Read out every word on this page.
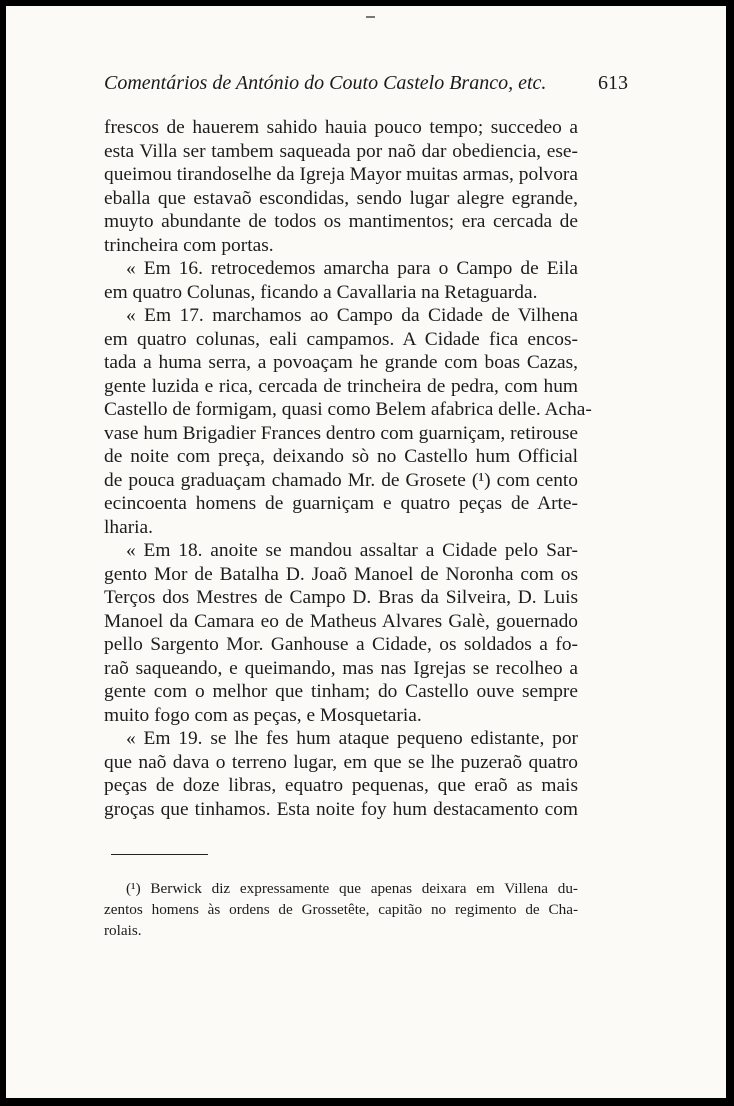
Comentários de António do Couto Castelo Branco, etc.	613
frescos de hauerem sahido hauia pouco tempo; succedeo a
esta Villa ser tambem saqueada por naõ dar obediencia, ese-
queimou tirandoselhe da Igreja Mayor muitas armas, polvora
eballa que estavaõ escondidas, sendo lugar alegre egrande,
muyto abundante de todos os mantimentos; era cercada de
trincheira com portas.
« Em 16. retrocedemos amarcha para o Campo de Eila
em quatro Colunas, ficando a Cavallaria na Retaguarda.
« Em 17. marchamos ao Campo da Cidade de Vilhena
em quatro colunas, eali campamos. A Cidade fica encos-
tada a huma serra, a povoaçam he grande com boas Cazas,
gente luzida e rica, cercada de trincheira de pedra, com hum
Castello de formigam, quasi como Belem afabrica delle. Acha-
vase hum Brigadier Frances dentro com guarniçam, retirouse
de noite com preça, deixando sò no Castello hum Official
de pouca graduaçam chamado Mr. de Grosete (¹) com cento
ecincoenta homens de guarniçam e quatro peças de Arte-
lharia.
« Em 18. anoite se mandou assaltar a Cidade pelo Sar-
gento Mor de Batalha D. Joaõ Manoel de Noronha com os
Terços dos Mestres de Campo D. Bras da Silveira, D. Luis
Manoel da Camara eo de Matheus Alvares Galè, gouernado
pello Sargento Mor. Ganhouse a Cidade, os soldados a fo-
raõ saqueando, e queimando, mas nas Igrejas se recolheo a
gente com o melhor que tinham; do Castello ouve sempre
muito fogo com as peças, e Mosquetaria.
« Em 19. se lhe fes hum ataque pequeno edistante, por
que naõ dava o terreno lugar, em que se lhe puzeraõ quatro
peças de doze libras, equatro pequenas, que eraõ as mais
groças que tinhamos. Esta noite foy hum destacamento com
(¹) Berwick diz expressamente que apenas deixara em Villena du-
zentos homens às ordens de Grossetête, capitão no regimento de Cha-
rolais.
